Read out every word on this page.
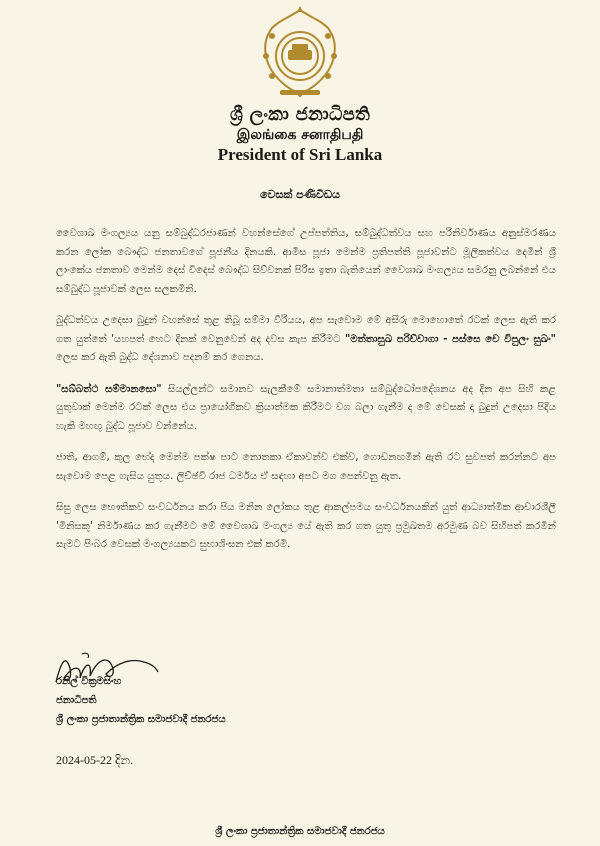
ශ්‍රී ලංකා ජනාධිපති
இலங்கை சனாதிபதி
President of Sri Lanka
වෙසක් පණිවිඩය

වෛශාඛ මංගල්‍යය යනු සම්බුද්ධරජාණන් වහන්සේගේ උප්පත්තිය, සම්බුද්ධත්වය සහ පරිනිර්වාණය අනුස්මරණය කරන ලෝක බෞද්ධ ජනතාවගේ පූජනීය දිනයකි. ආමිස පූජා මෙන්ම ප්‍රතිපත්ති පූජාවන්ට මූලිකත්වය දෙමින් ශ්‍රී ලාංකේය ජනතාව මෙන්ම දෙස් විදෙස් බෞද්ධ සිව්වනක් පිරිස ඉතා බැතියෙන් වෛශාඛ මංගල්‍යය සමරනු ලබන්නේ එය සම්බුද්ධ පූජාවක් ලෙස සලකමිනි.

බුද්ධත්වය උදෙසා බුදුන් වහන්සේ තුළ තිබූ සම්මා වීරියය, අප සැවොම මේ අසීරු මොහොතේ රටක් ලෙස ඇති කර ගත යුත්තේ 'යහපත් හෙට දිනක් වෙනුවෙන් අද දවස කැප කිරීමට "මත්තාසුඛ පරිච්චාගා - පස්සෙ චෙ විපුලං සුඛං" ලෙස කර ඇති බුද්ධ දේශනාව පදනම් කර ගෙනය.

"සබ්බත්ථ සම්මානසො" සියල්ලන්ට සමානව සැලකීමේ සමානාත්මතා සම්බුද්ධෝපදේශනය අද දින අප සිහි කළ යුතුවාක් මෙන්ම රටක් ලෙස එය ප්‍රායෝගිකව ක්‍රියාත්මක කිරීමට වග බලා ගැනීම ද මේ වෙසක් දා බුදුන් උදෙසා පිදිය හැකි මහඟු බුද්ධ පූජාව වන්නේය.

ජාති, ආගම්, කුල භේද මෙන්ම පක්ෂ පාට නොතකා ඒකාවන්ව එක්ව, ගොඩනඟමින් ඇති රට සුවපත් කරන්නට අප සැවොම පෙළ ගැසිය යුතුය. ලිච්ඡවී රාජ ධර්මය ඒ සඳහා අපට මග පෙන්වනු ඇත.

සිසු ලෙස භෞතිකව සංවර්ධනය කරා පිය මනින ලෝකය තුළ ආකල්පමය සංවර්ධනයකින් යුත් ආධ්‍යාත්මික ආචාරශීලී 'මිනිසකු' නිර්මාණය කර ගැනීමට මේ වෛශාඛ මංගල්‍ය යේ ඇති කර ගත යුතු ප්‍රමුඛතම අරමුණ බව සිහිපත් කරමින් සැමට පිංබර වෙසක් මංගල්‍යයකට සුභාශිංසන එක් කරමි.

රනිල් වික්‍රමසිංහ
ජනාධිපති
ශ්‍රී ලංකා ප්‍රජාතාන්ත්‍රික සමාජවාදී ජනරජය
2024-05-22 දින.
ශ්‍රී ලංකා ප්‍රජාතාන්ත්‍රික සමාජවාදී ජනරජය
